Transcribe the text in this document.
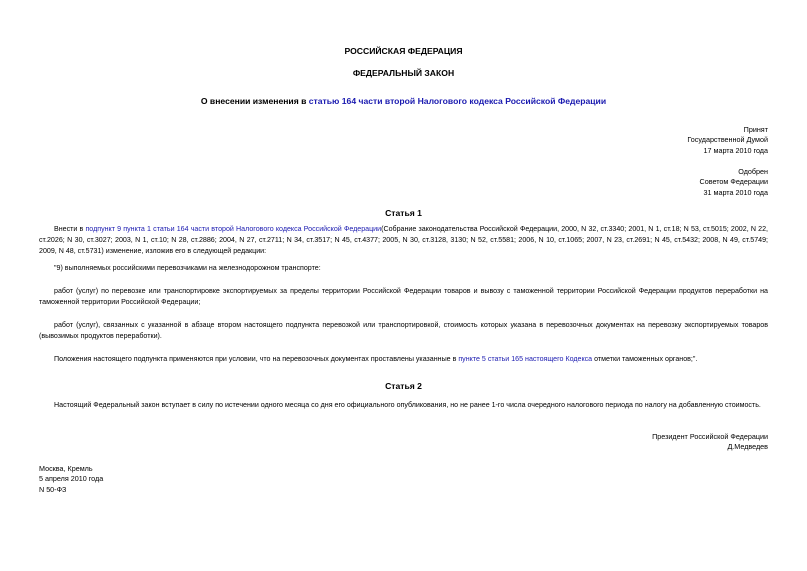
РОССИЙСКАЯ ФЕДЕРАЦИЯ
ФЕДЕРАЛЬНЫЙ ЗАКОН
О внесении изменения в статью 164 части второй Налогового кодекса Российской Федерации
Принят
Государственной Думой
17 марта 2010 года
Одобрен
Советом Федерации
31 марта 2010 года
Статья 1

Внести в подпункт 9 пункта 1 статьи 164 части второй Налогового кодекса Российской Федерации(Собрание законодательства Российской Федерации, 2000, N 32, ст.3340; 2001, N 1, ст.18; N 53, ст.5015; 2002, N 22, ст.2026; N 30, ст.3027; 2003, N 1, ст.10; N 28, ст.2886; 2004, N 27, ст.2711; N 34, ст.3517; N 45, ст.4377; 2005, N 30, ст.3128, 3130; N 52, ст.5581; 2006, N 10, ст.1065; 2007, N 23, ст.2691; N 45, ст.5432; 2008, N 49, ст.5749; 2009, N 48, ст.5731) изменение, изложив его в следующей редакции:

"9) выполняемых российскими перевозчиками на железнодорожном транспорте:

работ (услуг) по перевозке или транспортировке экспортируемых за пределы территории Российской Федерации товаров и вывозу с таможенной территории Российской Федерации продуктов переработки на таможенной территории Российской Федерации;

работ (услуг), связанных с указанной в абзаце втором настоящего подпункта перевозкой или транспортировкой, стоимость которых указана в перевозочных документах на перевозку экспортируемых товаров (вывозимых продуктов переработки).

Положения настоящего подпункта применяются при условии, что на перевозочных документах проставлены указанные в пункте 5 статьи 165 настоящего Кодекса отметки таможенных органов;".

Статья 2

Настоящий Федеральный закон вступает в силу по истечении одного месяца со дня его официального опубликования, но не ранее 1-го числа очередного налогового периода по налогу на добавленную стоимость.

Президент Российской Федерации
Д.Медведев
Москва, Кремль
5 апреля 2010 года
N 50-ФЗ
